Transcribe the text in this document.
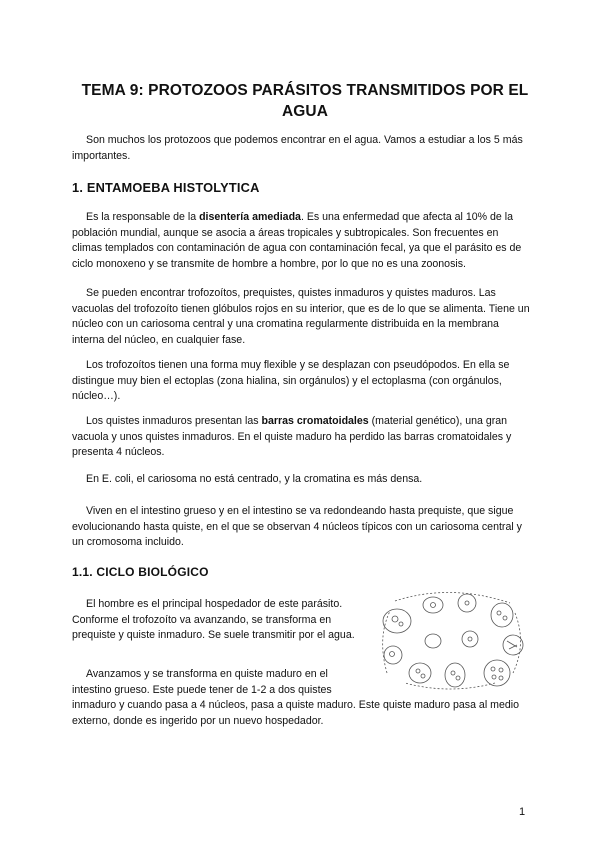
TEMA 9: PROTOZOOS PARÁSITOS TRANSMITIDOS POR EL AGUA
Son muchos los protozoos que podemos encontrar en el agua. Vamos a estudiar a los 5 más importantes.
1. ENTAMOEBA HISTOLYTICA
Es la responsable de la disentería amediada. Es una enfermedad que afecta al 10% de la población mundial, aunque se asocia a áreas tropicales y subtropicales. Son frecuentes en climas templados con contaminación de agua con contaminación fecal, ya que el parásito es de ciclo monoxeno y se transmite de hombre a hombre, por lo que no es una zoonosis.
Se pueden encontrar trofozoítos, prequistes, quistes inmaduros y quistes maduros. Las vacuolas del trofozoíto tienen glóbulos rojos en su interior, que es de lo que se alimenta. Tiene un núcleo con un cariosoma central y una cromatina regularmente distribuida en la membrana interna del núcleo, en cualquier fase.
Los trofozoítos tienen una forma muy flexible y se desplazan con pseudópodos. En ella se distingue muy bien el ectoplas (zona hialina, sin orgánulos) y el ectoplasma (con orgánulos, núcleo…).
Los quistes inmaduros presentan las barras cromatoidales (material genético), una gran vacuola y unos quistes inmaduros. En el quiste maduro ha perdido las barras cromatoidales y presenta 4 núcleos.
En E. coli, el cariosoma no está centrado, y la cromatina es más densa.
Viven en el intestino grueso y en el intestino se va redondeando hasta prequiste, que sigue evolucionando hasta quiste, en el que se observan 4 núcleos típicos con un cariosoma central y un cromosoma incluido.
1.1. CICLO BIOLÓGICO
El hombre es el principal hospedador de este parásito. Conforme el trofozoíto va avanzando, se transforma en prequiste y quiste inmaduro. Se suele transmitir por el agua.
Avanzamos y se transforma en quiste maduro en el intestino grueso. Este puede tener de 1-2 a dos quistes
inmaduro y cuando pasa a 4 núcleos, pasa a quiste maduro. Este quiste maduro pasa al medio externo, donde es ingerido por un nuevo hospedador.
1
